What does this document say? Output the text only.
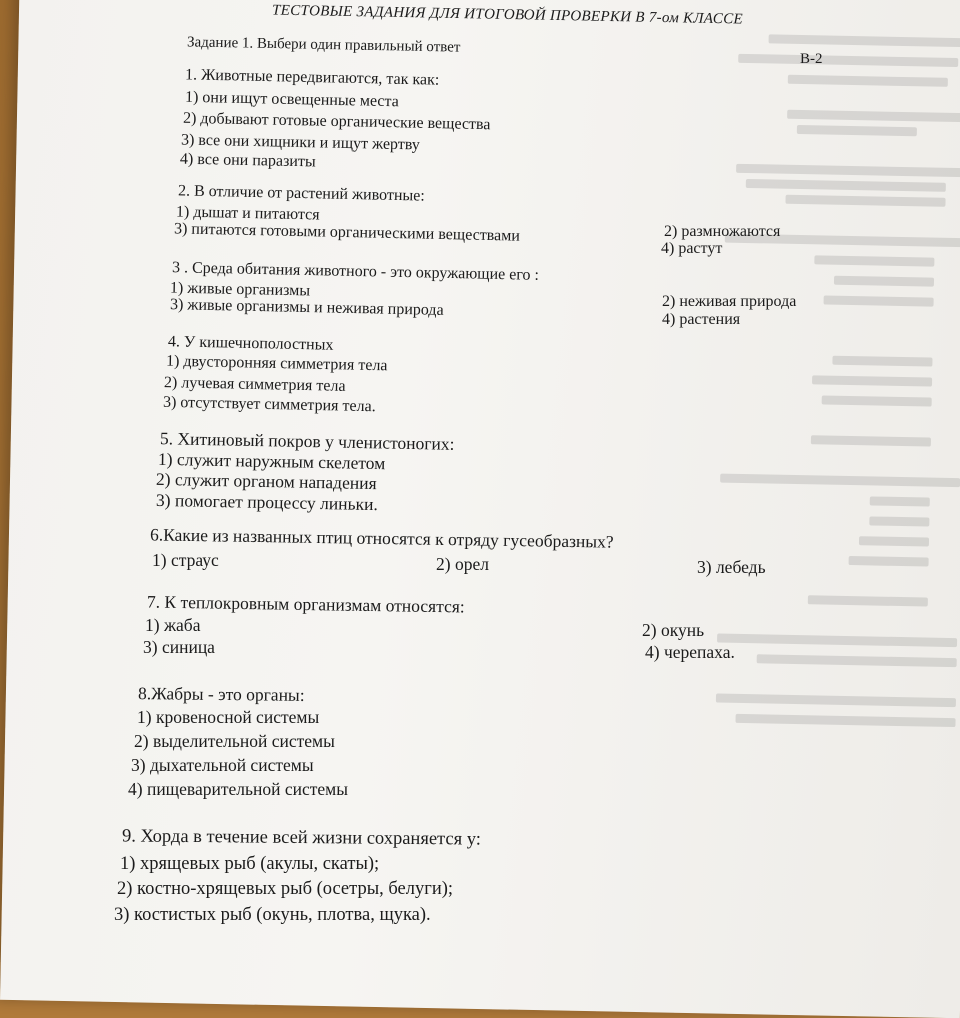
ТЕСТОВЫЕ ЗАДАНИЯ ДЛЯ ИТОГОВОЙ ПРОВЕРКИ В 7-ом КЛАССЕ
Задание 1. Выбери один правильный ответ
В-2
1. Животные передвигаются, так как:
1) они ищут освещенные места
2) добывают готовые органические вещества
3) все они хищники и ищут жертву
4) все они паразиты
2. В отличие от растений животные:
1) дышат и питаются
2) размножаются
3) питаются готовыми органическими веществами
4) растут
3 . Среда обитания животного - это окружающие его :
1) живые организмы
2) неживая природа
3) живые организмы и неживая природа
4) растения
4. У кишечнополостных
1) двусторонняя симметрия тела
2) лучевая симметрия тела
3) отсутствует симметрия тела.
5. Хитиновый покров у членистоногих:
1) служит наружным скелетом
2) служит органом нападения
3) помогает процессу линьки.
6.Какие из названных птиц относятся к отряду гусеобразных?
1) страус	2) орел	3) лебедь
7. К теплокровным организмам относятся:
1) жаба	2) окунь
3) синица	4) черепаха.
8.Жабры - это органы:
1) кровеносной системы
2) выделительной системы
3) дыхательной системы
4) пищеварительной системы
9. Хорда в течение всей жизни сохраняется у:
1) хрящевых рыб (акулы, скаты);
2) костно-хрящевых рыб (осетры, белуги);
3) костистых рыб (окунь, плотва, щука).
